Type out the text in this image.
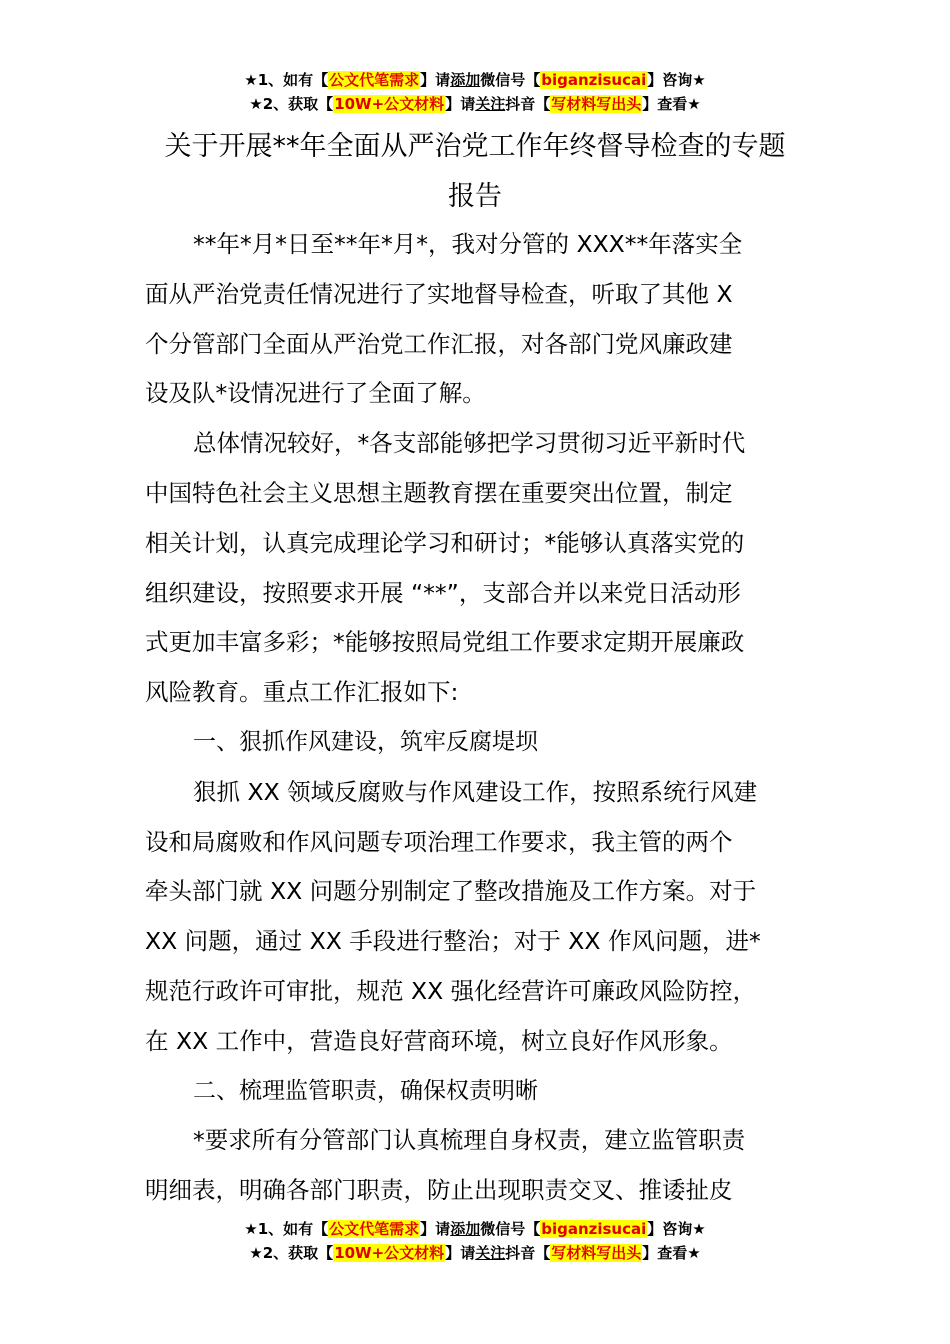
★1、如有【公文代笔需求】请添加微信号【biganzisucai】咨询★
★2、获取【10W+公文材料】请关注抖音【写材料写出头】查看★
关于开展**年全面从严治党工作年终督导检查的专题
报告
**年*月*日至**年*月*，我对分管的 XXX**年落实全
面从严治党责任情况进行了实地督导检查，听取了其他 X
个分管部门全面从严治党工作汇报，对各部门党风廉政建
设及队*设情况进行了全面了解。
总体情况较好，*各支部能够把学习贯彻习近平新时代
中国特色社会主义思想主题教育摆在重要突出位置，制定
相关计划，认真完成理论学习和研讨；*能够认真落实党的
组织建设，按照要求开展 “**”，支部合并以来党日活动形
式更加丰富多彩；*能够按照局党组工作要求定期开展廉政
风险教育。重点工作汇报如下:
一、狠抓作风建设，筑牢反腐堤坝
狠抓 XX 领域反腐败与作风建设工作，按照系统行风建
设和局腐败和作风问题专项治理工作要求，我主管的两个
牵头部门就 XX 问题分别制定了整改措施及工作方案。对于
XX 问题，通过 XX 手段进行整治；对于 XX 作风问题，进*
规范行政许可审批，规范 XX 强化经营许可廉政风险防控，
在 XX 工作中，营造良好营商环境，树立良好作风形象。
二、梳理监管职责，确保权责明晰
*要求所有分管部门认真梳理自身权责，建立监管职责
明细表，明确各部门职责，防止出现职责交叉、推诿扯皮
★1、如有【公文代笔需求】请添加微信号【biganzisucai】咨询★
★2、获取【10W+公文材料】请关注抖音【写材料写出头】查看★
